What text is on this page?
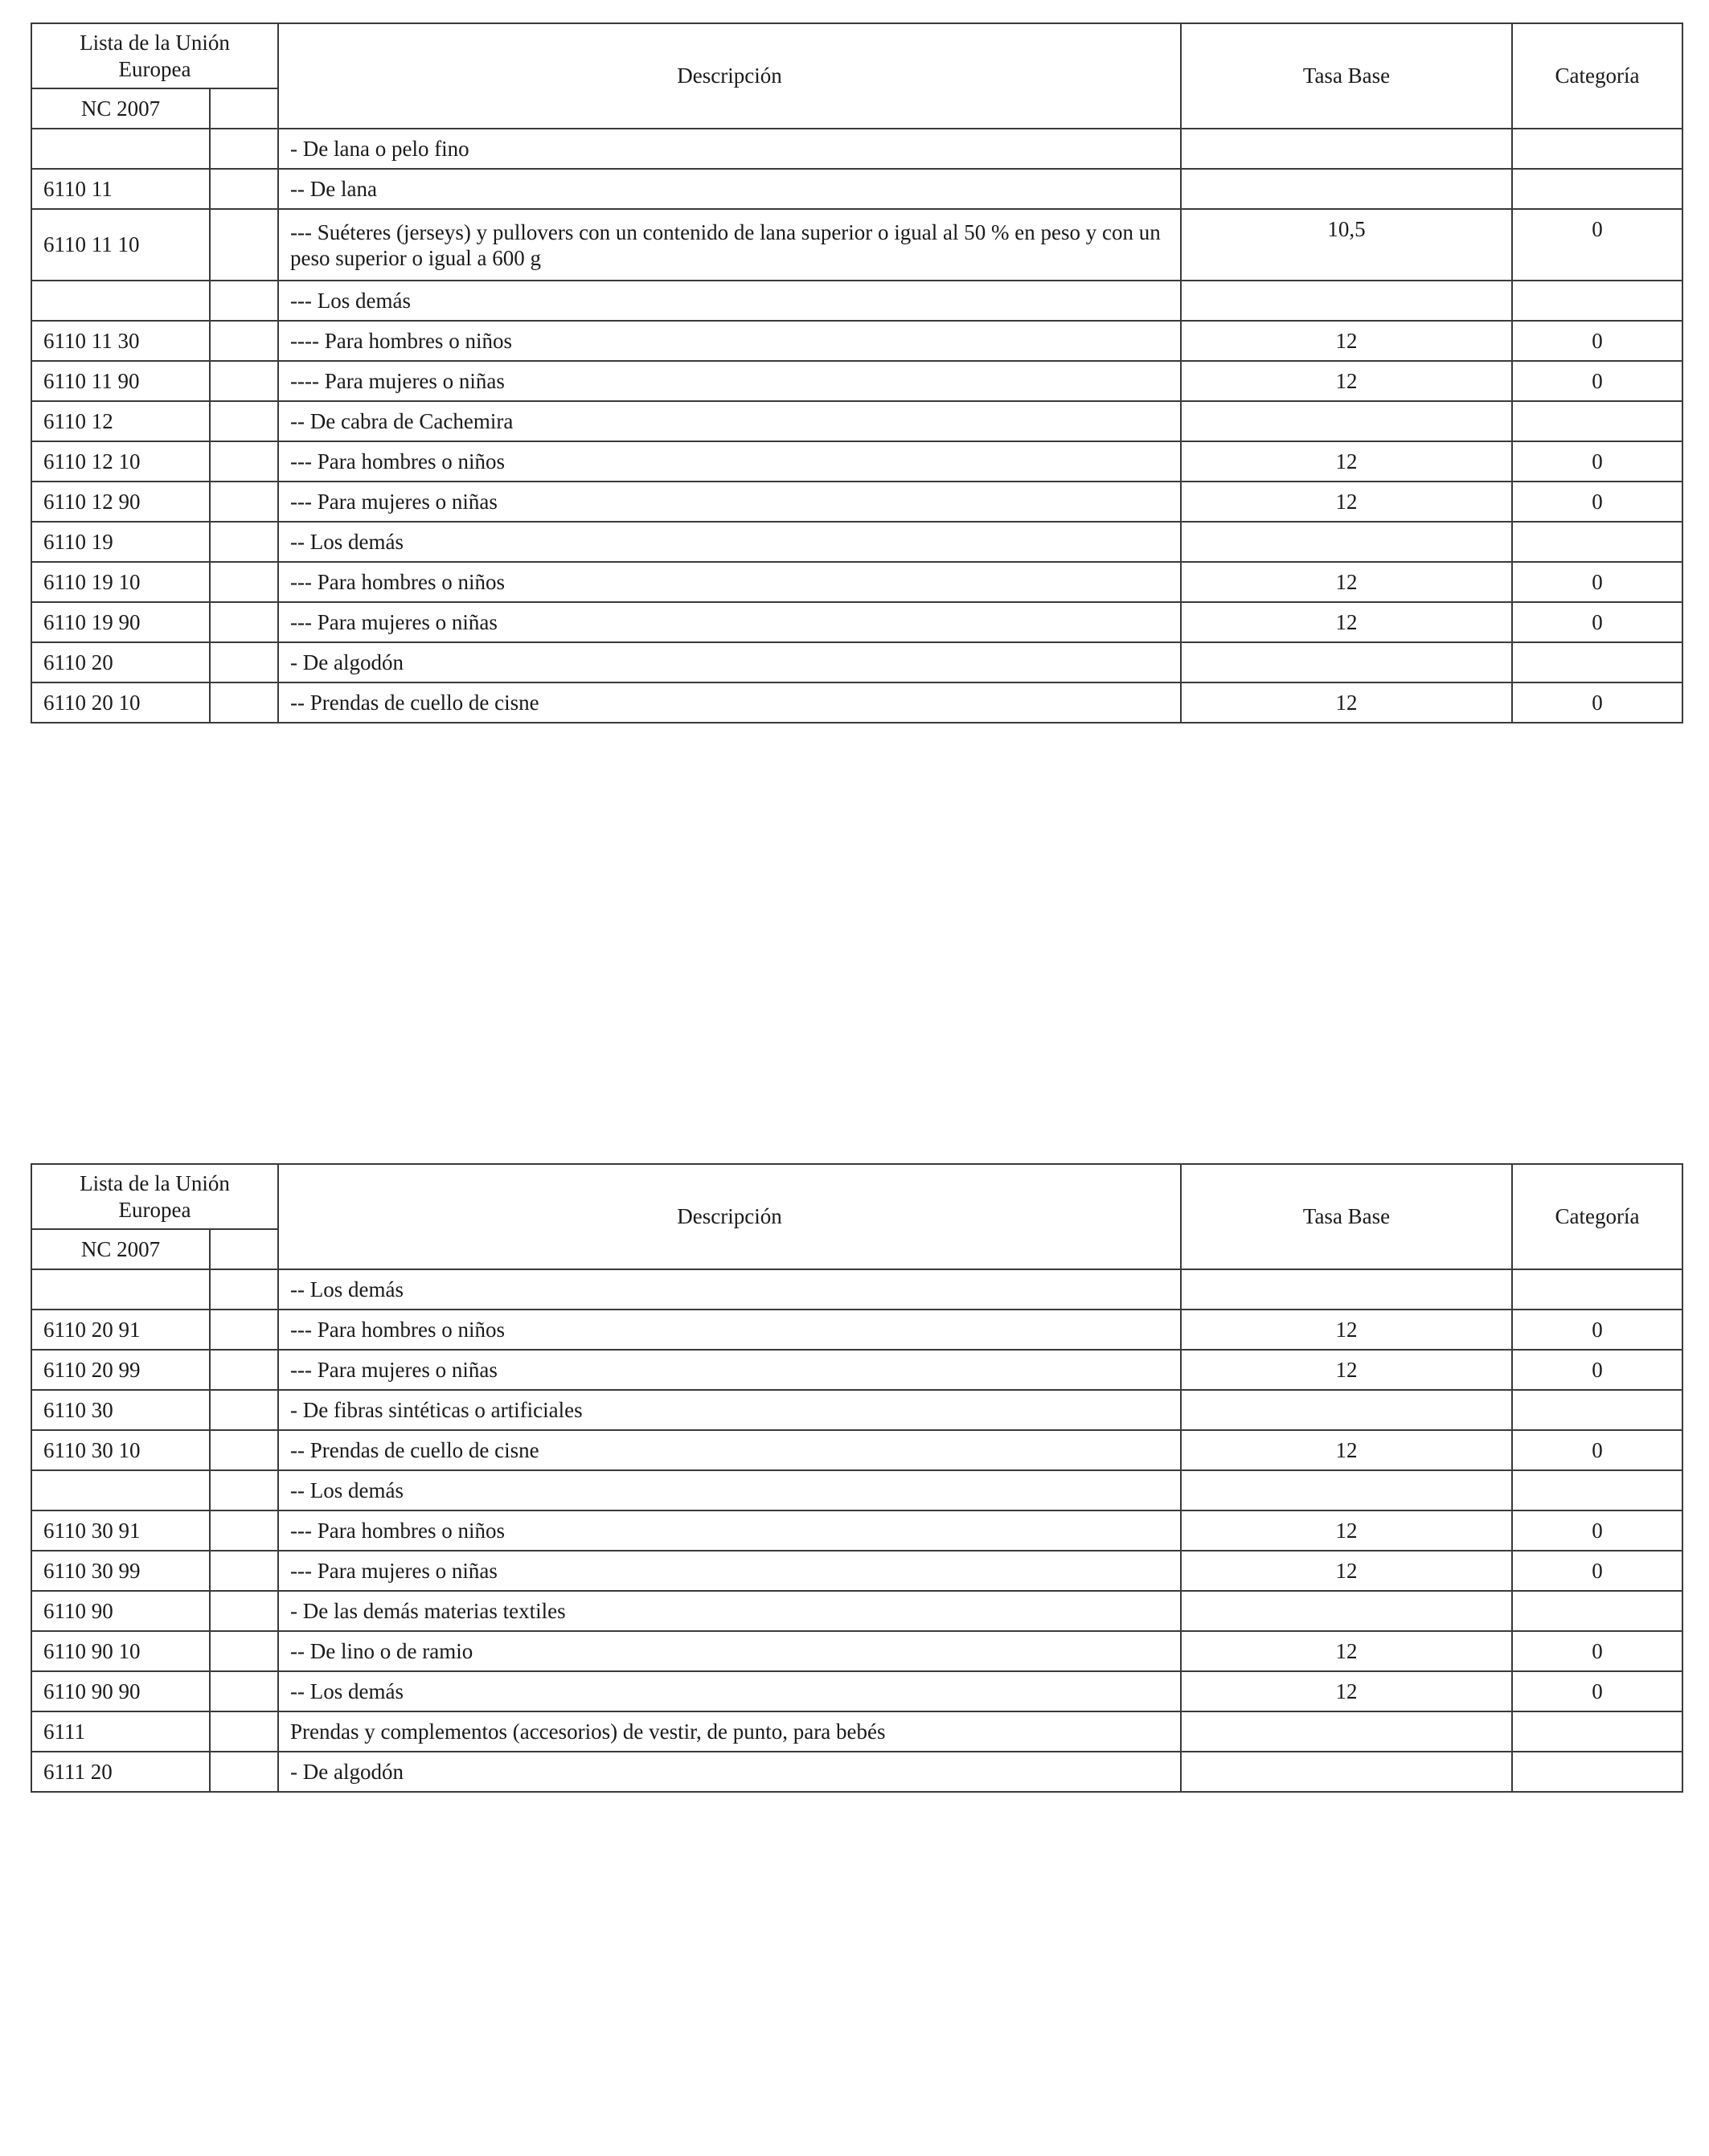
Lista de la Unión Europea		Descripción	Tasa Base	Categoría
NC 2007				
		- De lana o pelo fino		
6110 11		-- De lana		
6110 11 10		--- Suéteres (jerseys) y pullovers con un contenido de lana superior o igual al 50 % en peso y con un peso superior o igual a 600 g	10,5	0
		--- Los demás		
6110 11 30		---- Para hombres o niños	12	0
6110 11 90		---- Para mujeres o niñas	12	0
6110 12		-- De cabra de Cachemira		
6110 12 10		--- Para hombres o niños	12	0
6110 12 90		--- Para mujeres o niñas	12	0
6110 19		-- Los demás		
6110 19 10		--- Para hombres o niños	12	0
6110 19 90		--- Para mujeres o niñas	12	0
6110 20		- De algodón		
6110 20 10		-- Prendas de cuello de cisne	12	0
Lista de la Unión Europea		Descripción	Tasa Base	Categoría
NC 2007				
		-- Los demás		
6110 20 91		--- Para hombres o niños	12	0
6110 20 99		--- Para mujeres o niñas	12	0
6110 30		- De fibras sintéticas o artificiales		
6110 30 10		-- Prendas de cuello de cisne	12	0
		-- Los demás		
6110 30 91		--- Para hombres o niños	12	0
6110 30 99		--- Para mujeres o niñas	12	0
6110 90		- De las demás materias textiles		
6110 90 10		-- De lino o de ramio	12	0
6110 90 90		-- Los demás	12	0
6111		Prendas y complementos (accesorios) de vestir, de punto, para bebés		
6111 20		- De algodón		
